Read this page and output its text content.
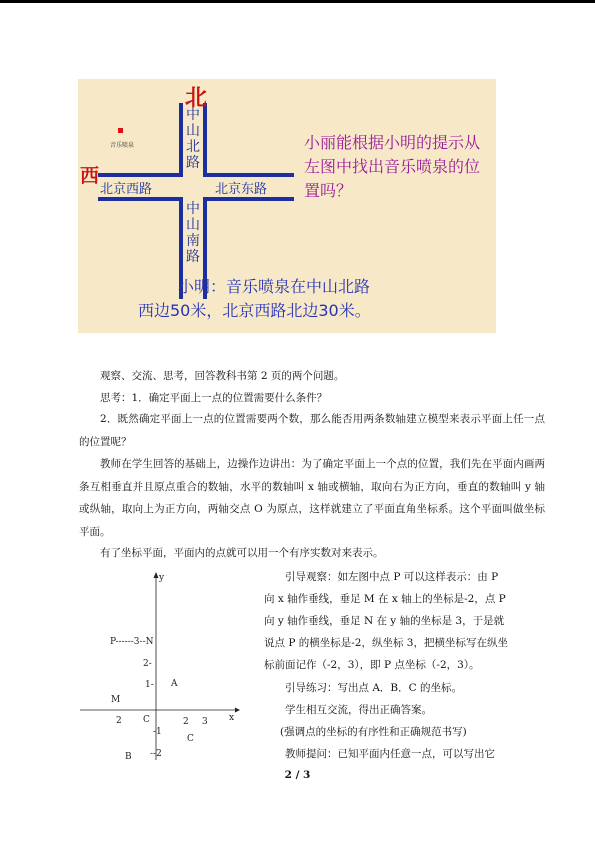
北
西
音乐喷泉
中山北路
中山南路
北京西路	北京东路
小丽能根据小明的提示从左图中找出音乐喷泉的位置吗？
小明：音乐喷泉在中山北路
西边50米，北京西路北边30米。
观察、交流、思考，回答教科书第 2 页的两个问题。
思考：1．确定平面上一点的位置需要什么条件？
2．既然确定平面上一点的位置需要两个数，那么能否用两条数轴建立模型来表示平面上任一点的位置呢？
教师在学生回答的基础上，边操作边讲出：为了确定平面上一个点的位置，我们先在平面内画两条互相垂直并且原点重合的数轴，水平的数轴叫 x 轴或横轴，取向右为正方向，垂直的数轴叫 y 轴或纵轴，取向上为正方向，两轴交点 O 为原点，这样就建立了平面直角坐标系。这个平面叫做坐标平面。
有了坐标平面，平面内的点就可以用一个有序实数对来表示。
y
x
P------3--N
2-
1- A
M
2 C	2 3
-1
C
B --2
引导观察：如左图中点 P 可以这样表示：由 P
向 x 轴作垂线，垂足 M 在 x 轴上的坐标是-2，点 P
向 y 轴作垂线，垂足 N 在 y 轴的坐标是 3，于是就
说点 P 的横坐标是-2，纵坐标 3，把横坐标写在纵坐
标前面记作（-2，3），即 P 点坐标（-2，3）。
引导练习：写出点 A．B．C 的坐标。
学生相互交流，得出正确答案。
(强调点的坐标的有序性和正确规范书写)
教师提问：已知平面内任意一点，可以写出它
2 / 3
